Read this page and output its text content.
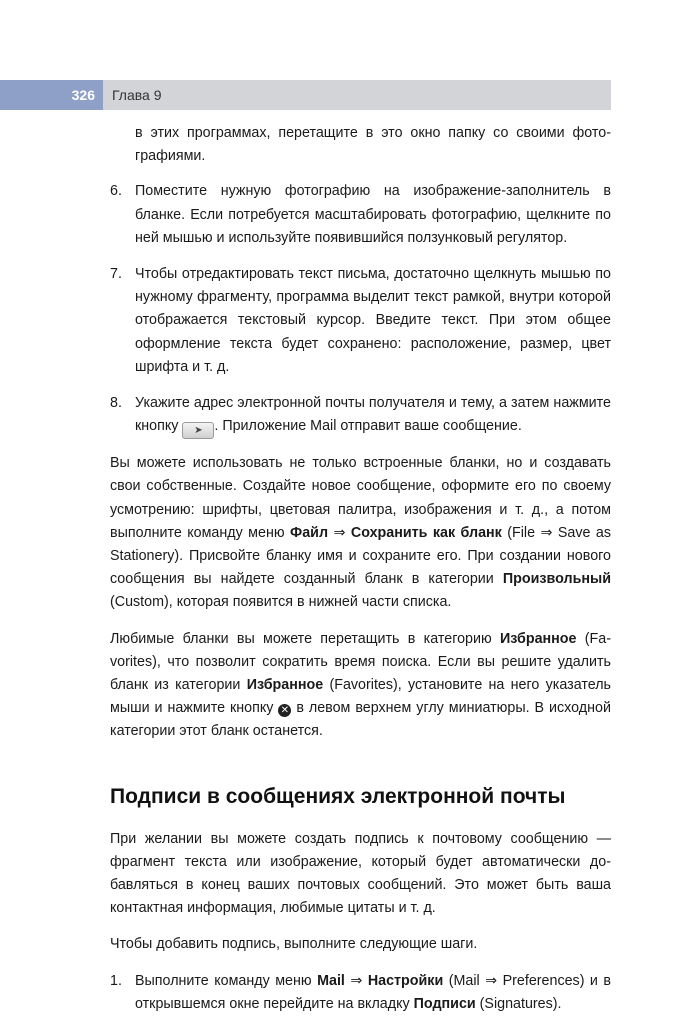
326	Глава 9

в этих программах, перетащите в это окно папку со своими фотографиями.

6. Поместите нужную фотографию на изображение-заполнитель в бланке. Если потребуется масштабировать фотографию, щелкните по ней мышью и используйте появившийся ползунковый регулятор.
7. Чтобы отредактировать текст письма, достаточно щелкнуть мышью по нужному фрагменту, программа выделит текст рамкой, внутри которой отображается текстовый курсор. Введите текст. При этом общее оформление текста будет сохранено: расположение, размер, цвет шрифта и т. д.
8. Укажите адрес электронной почты получателя и тему, а затем нажмите кнопку ➤ . Приложение Mail отправит ваше сообщение.

Вы можете использовать не только встроенные бланки, но и создавать свои собственные. Создайте новое сообщение, оформите его по своему усмотрению: шрифты, цветовая палитра, изображения и т. д., а потом выполните команду меню Файл ⇒ Сохранить как бланк (File ⇒ Save as Stationery). Присвойте бланку имя и сохраните его. При создании нового сообщения вы найдете созданный бланк в категории Произвольный (Custom), которая появится в нижней части списка.

Любимые бланки вы можете перетащить в категорию Избранное (Favorites), что позволит сократить время поиска. Если вы решите удалить бланк из категории Избранное (Favorites), установите на него указатель мыши и нажмите кнопку ✕ в левом верхнем углу миниатюры. В исходной категории этот бланк останется.

Подписи в сообщениях электронной почты

При желании вы можете создать подпись к почтовому сообщению — фрагмент текста или изображение, который будет автоматически добавляться в конец ваших почтовых сообщений. Это может быть ваша контактная информация, любимые цитаты и т. д.

Чтобы добавить подпись, выполните следующие шаги.

1. Выполните команду меню Mail ⇒ Настройки (Mail ⇒ Preferences) и в открывшемся окне перейдите на вкладку Подписи (Signatures).
